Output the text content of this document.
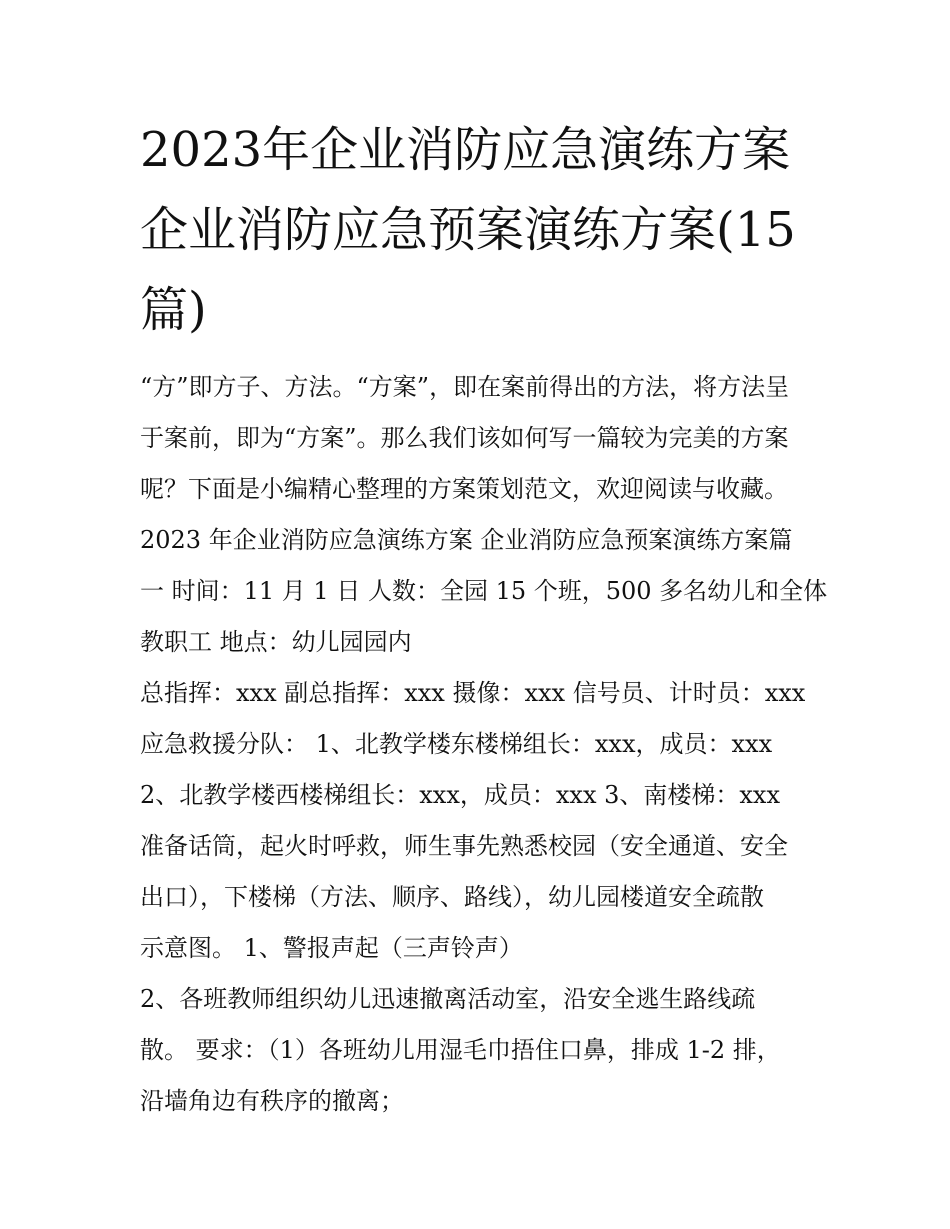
2023年企业消防应急演练方案
企业消防应急预案演练方案(15
篇)
“方”即方子、方法。“方案”，即在案前得出的方法，将方法呈
于案前，即为“方案”。那么我们该如何写一篇较为完美的方案
呢？下面是小编精心整理的方案策划范文，欢迎阅读与收藏。
2023 年企业消防应急演练方案 企业消防应急预案演练方案篇
一 时间：11 月 1 日 人数：全园 15 个班，500 多名幼儿和全体
教职工 地点：幼儿园园内
总指挥：xxx 副总指挥：xxx 摄像：xxx 信号员、计时员：xxx
应急救援分队： 1、北教学楼东楼梯组长：xxx，成员：xxx
2、北教学楼西楼梯组长：xxx，成员：xxx 3、南楼梯：xxx
准备话筒，起火时呼救，师生事先熟悉校园（安全通道、安全
出口），下楼梯（方法、顺序、路线），幼儿园楼道安全疏散
示意图。 1、警报声起（三声铃声）
2、各班教师组织幼儿迅速撤离活动室，沿安全逃生路线疏
散。 要求：（1）各班幼儿用湿毛巾捂住口鼻，排成 1-2 排，
沿墙角边有秩序的撤离；
